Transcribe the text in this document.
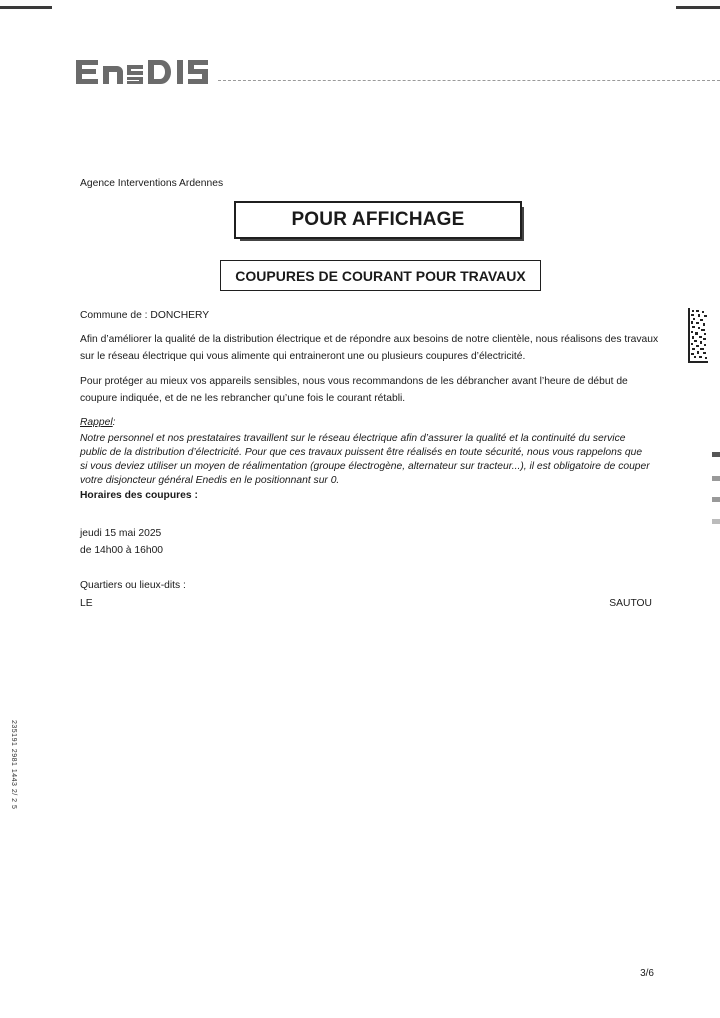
Agence Interventions Ardennes
POUR AFFICHAGE
COUPURES DE COURANT POUR TRAVAUX
Commune de : DONCHERY
Afin d’améliorer la qualité de la distribution électrique et de répondre aux besoins de notre clientèle, nous réalisons des travaux sur le réseau électrique qui vous alimente qui entraineront une ou plusieurs coupures d’électricité.
Pour protéger au mieux vos appareils sensibles, nous vous recommandons de les débrancher avant l’heure de début de coupure indiquée, et de ne les rebrancher qu’une fois le courant rétabli.
Rappel:
Notre personnel et nos prestataires travaillent sur le réseau électrique afin d’assurer la qualité et la continuité du service public de la distribution d’électricité. Pour que ces travaux puissent être réalisés en toute sécurité, nous vous rappelons que si vous deviez utiliser un moyen de réalimentation (groupe électrogène, alternateur sur tracteur...), il est obligatoire de couper votre disjoncteur général Enedis en le positionnant sur 0.
Horaires des coupures :
jeudi 15 mai 2025
de 14h00 à 16h00
Quartiers ou lieux-dits :
LE	SAUTOU
3/6
235191 2981 1443 2/ 2 5
